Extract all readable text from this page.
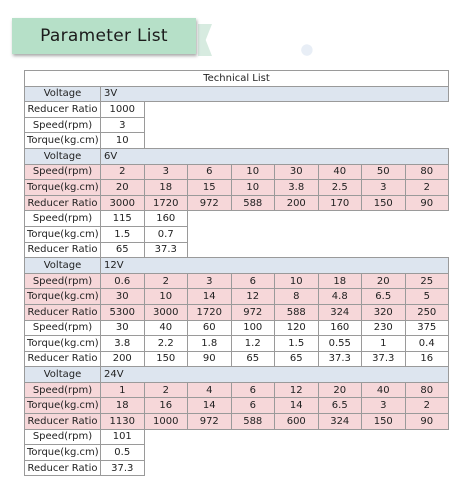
Parameter List
●
Technical List								
Voltage	3V							
Reducer Ratio	1000							
Speed(rpm)	3							
Torque(kg.cm)	10							
Voltage	6V							
Speed(rpm)	2	3	6	10	30	40	50	80
Torque(kg.cm)	20	18	15	10	3.8	2.5	3	2
Reducer Ratio	3000	1720	972	588	200	170	150	90
Speed(rpm)	115	160						
Torque(kg.cm)	1.5	0.7						
Reducer Ratio	65	37.3						
Voltage	12V							
Speed(rpm)	0.6	2	3	6	10	18	20	25
Torque(kg.cm)	30	10	14	12	8	4.8	6.5	5
Reducer Ratio	5300	3000	1720	972	588	324	320	250
Speed(rpm)	30	40	60	100	120	160	230	375
Torque(kg.cm)	3.8	2.2	1.8	1.2	1.5	0.55	1	0.4
Reducer Ratio	200	150	90	65	65	37.3	37.3	16
Voltage	24V							
Speed(rpm)	1	2	4	6	12	20	40	80
Torque(kg.cm)	18	16	14	6	14	6.5	3	2
Reducer Ratio	1130	1000	972	588	600	324	150	90
Speed(rpm)	101							
Torque(kg.cm)	0.5							
Reducer Ratio	37.3							
